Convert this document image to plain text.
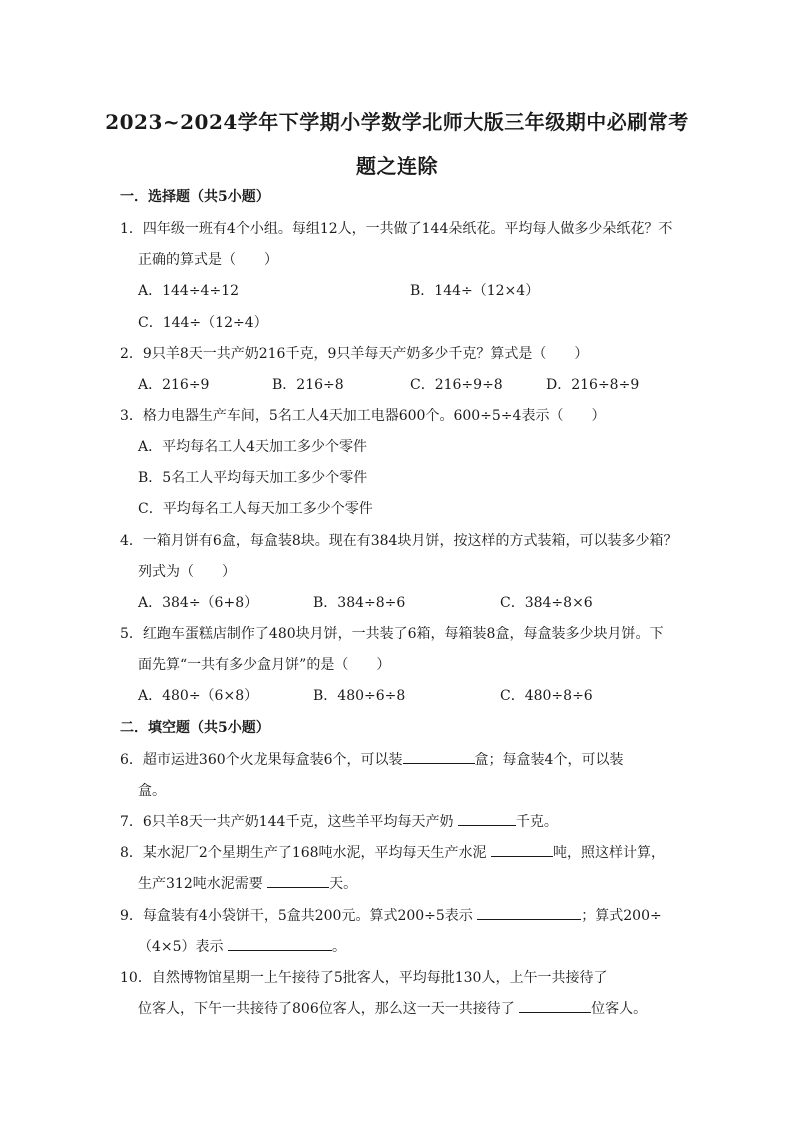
2023~2024学年下学期小学数学北师大版三年级期中必刷常考
题之连除
一．选择题（共5小题）
1．四年级一班有4个小组。每组12人，一共做了144朵纸花。平均每人做多少朵纸花？不
正确的算式是（　　）
A．144÷4÷12	B．144÷（12×4）
C．144÷（12÷4）
2．9只羊8天一共产奶216千克，9只羊每天产奶多少千克？算式是（　　）
A．216÷9	B．216÷8	C．216÷9÷8	D．216÷8÷9
3．格力电器生产车间，5名工人4天加工电器600个。600÷5÷4表示（　　）
A．平均每名工人4天加工多少个零件
B．5名工人平均每天加工多少个零件
C．平均每名工人每天加工多少个零件
4．一箱月饼有6盒，每盒装8块。现在有384块月饼，按这样的方式装箱，可以装多少箱？
列式为（　　）
A．384÷（6+8）	B．384÷8÷6	C．384÷8×6
5．红跑车蛋糕店制作了480块月饼，一共装了6箱，每箱装8盒，每盒装多少块月饼。下
面先算“一共有多少盒月饼”的是（　　）
A．480÷（6×8）	B．480÷6÷8	C．480÷8÷6
二．填空题（共5小题）
6．超市运进360个火龙果每盒装6个，可以装	盒；每盒装4个，可以装
盒。
7．6只羊8天一共产奶144千克，这些羊平均每天产奶	千克。
8．某水泥厂2个星期生产了168吨水泥，平均每天生产水泥	吨，照这样计算，
生产312吨水泥需要	天。
9．每盒装有4小袋饼干，5盒共200元。算式200÷5表示	；算式200÷
（4×5）表示	。
10．自然博物馆星期一上午接待了5批客人，平均每批130人，上午一共接待了
位客人，下午一共接待了806位客人，那么这一天一共接待了	位客人。
